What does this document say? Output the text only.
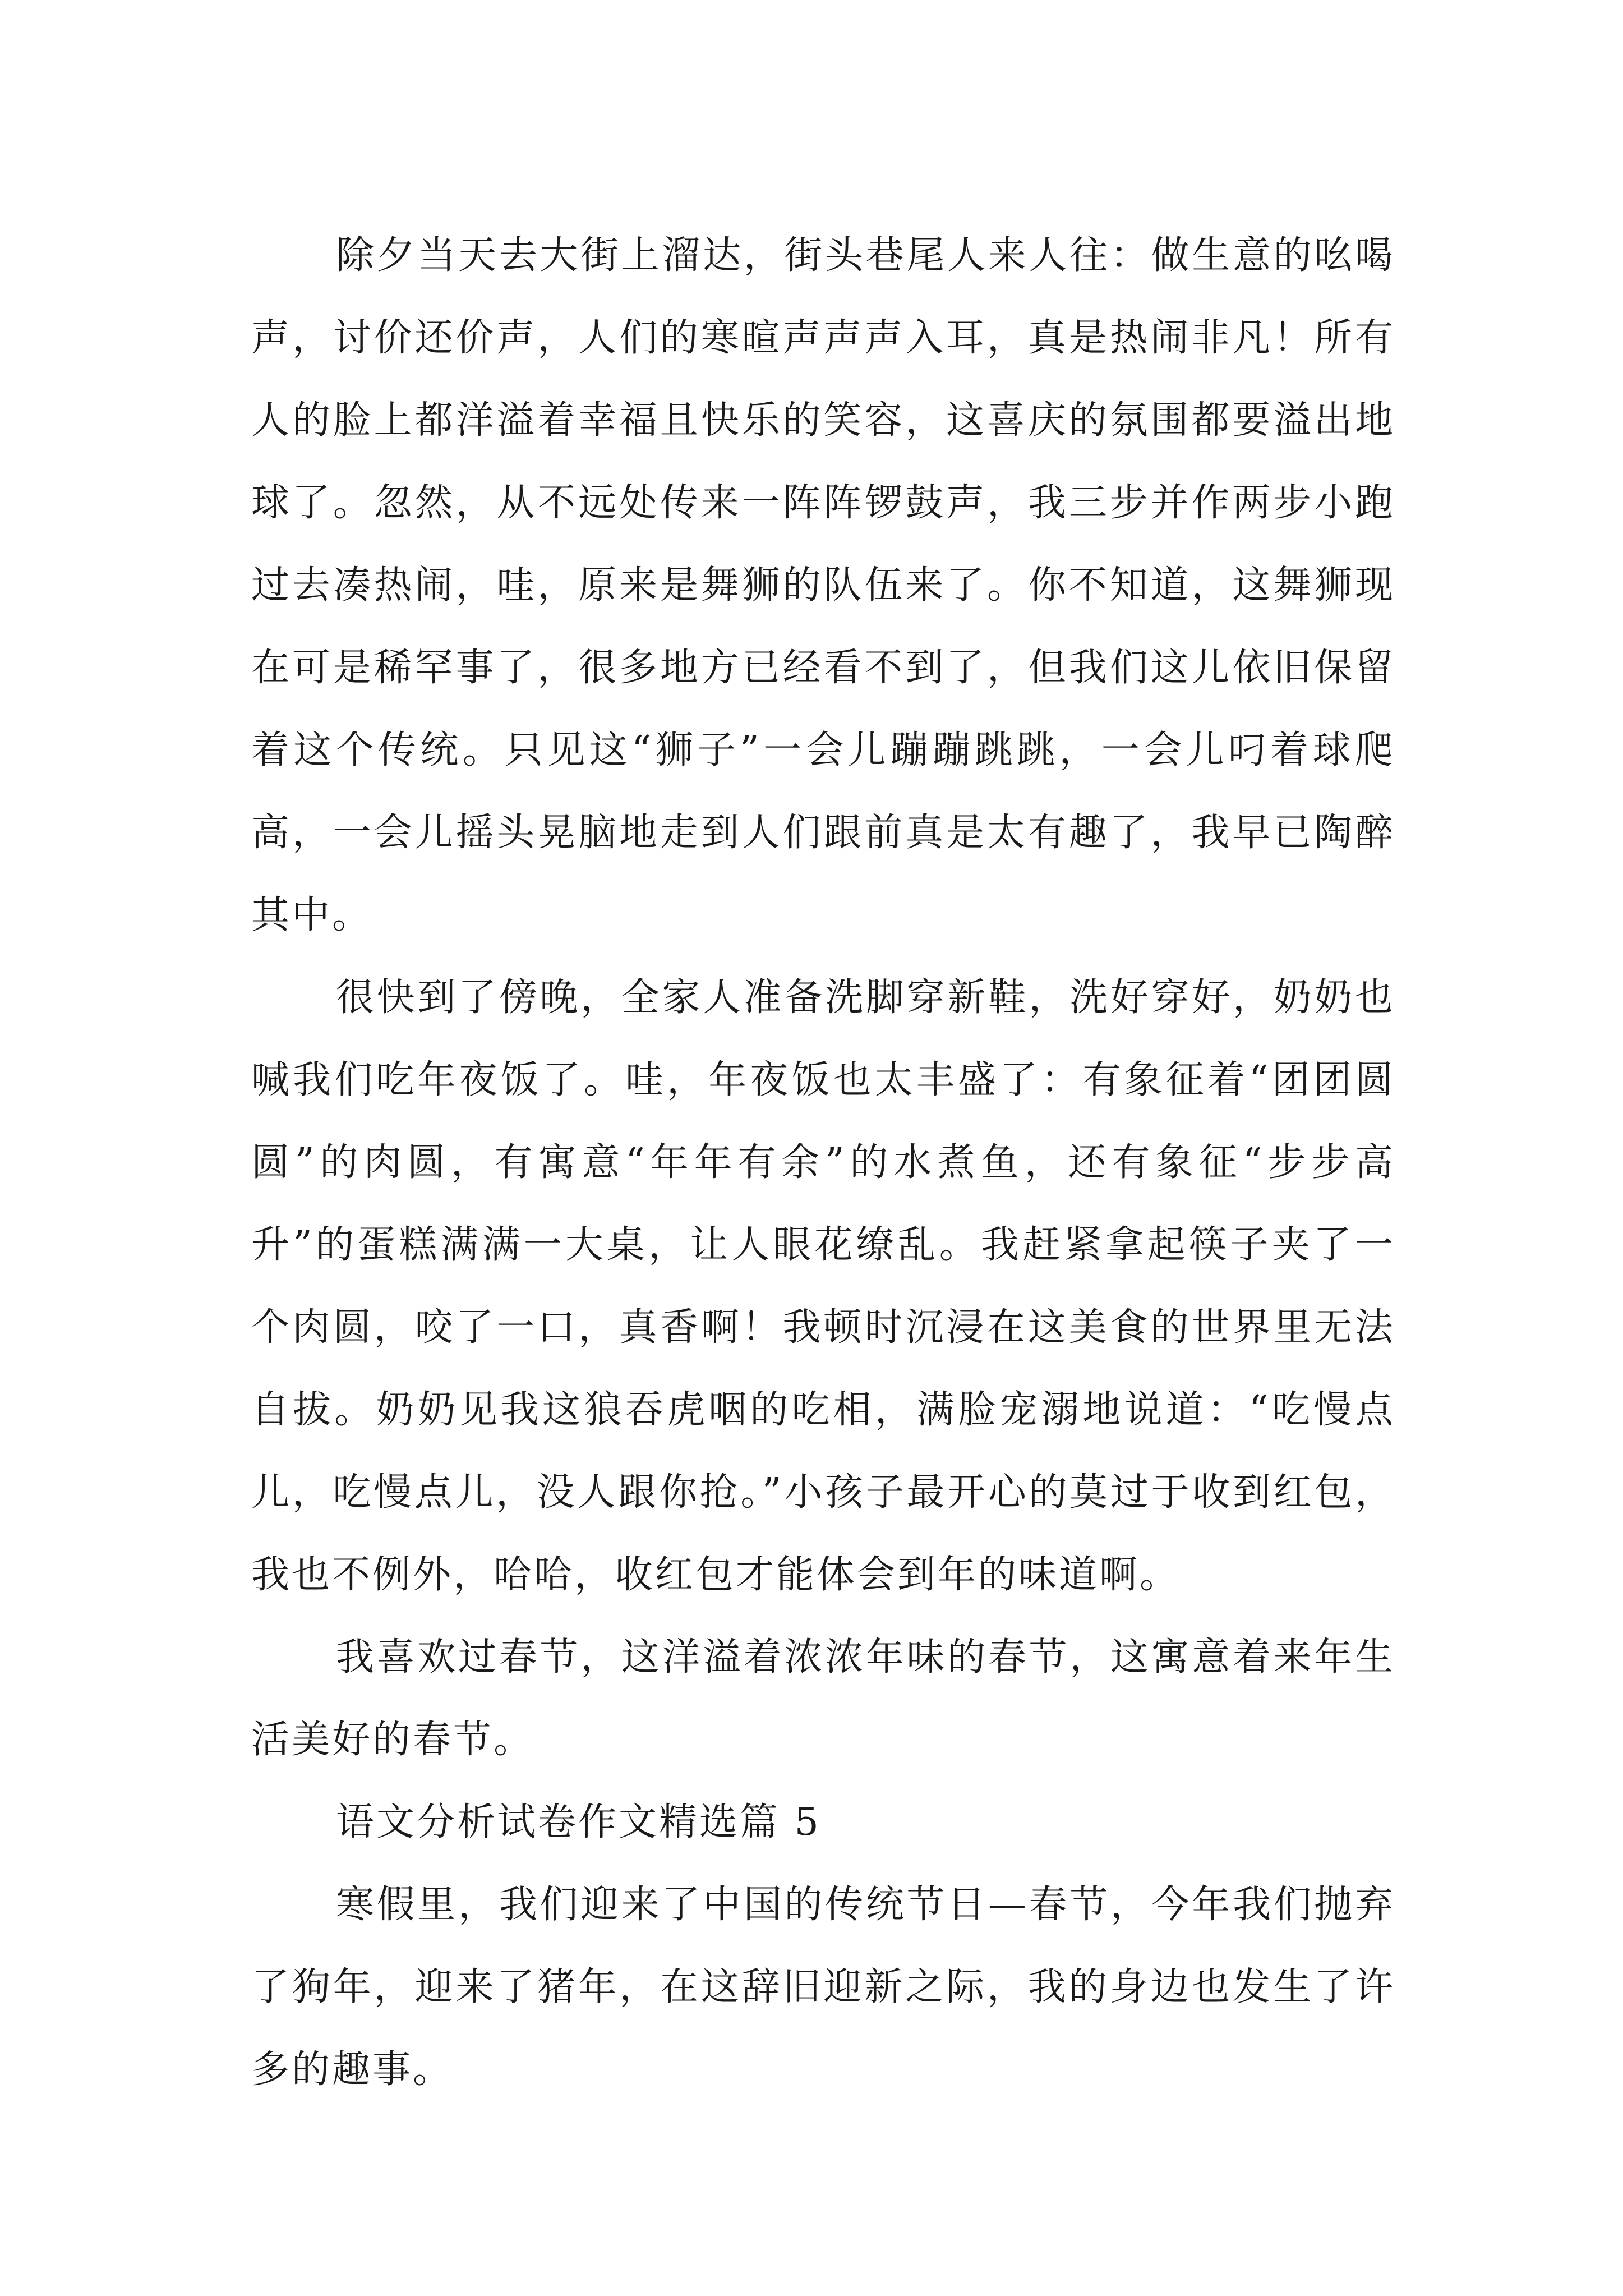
除夕当天去大街上溜达，街头巷尾人来人往：做生意的吆喝声，讨价还价声，人们的寒暄声声声入耳，真是热闹非凡！所有人的脸上都洋溢着幸福且快乐的笑容，这喜庆的氛围都要溢出地球了。忽然，从不远处传来一阵阵锣鼓声，我三步并作两步小跑过去凑热闹，哇，原来是舞狮的队伍来了。你不知道，这舞狮现在可是稀罕事了，很多地方已经看不到了，但我们这儿依旧保留着这个传统。只见这“狮子”一会儿蹦蹦跳跳，一会儿叼着球爬高，一会儿摇头晃脑地走到人们跟前真是太有趣了，我早已陶醉其中。

很快到了傍晚，全家人准备洗脚穿新鞋，洗好穿好，奶奶也喊我们吃年夜饭了。哇，年夜饭也太丰盛了：有象征着“团团圆圆”的肉圆，有寓意“年年有余”的水煮鱼，还有象征“步步高升”的蛋糕满满一大桌，让人眼花缭乱。我赶紧拿起筷子夹了一个肉圆，咬了一口，真香啊！我顿时沉浸在这美食的世界里无法自拔。奶奶见我这狼吞虎咽的吃相，满脸宠溺地说道：“吃慢点儿，吃慢点儿，没人跟你抢。”小孩子最开心的莫过于收到红包，我也不例外，哈哈，收红包才能体会到年的味道啊。

我喜欢过春节，这洋溢着浓浓年味的春节，这寓意着来年生活美好的春节。

语文分析试卷作文精选篇 5

寒假里，我们迎来了中国的传统节日—春节，今年我们抛弃了狗年，迎来了猪年，在这辞旧迎新之际，我的身边也发生了许多的趣事。
